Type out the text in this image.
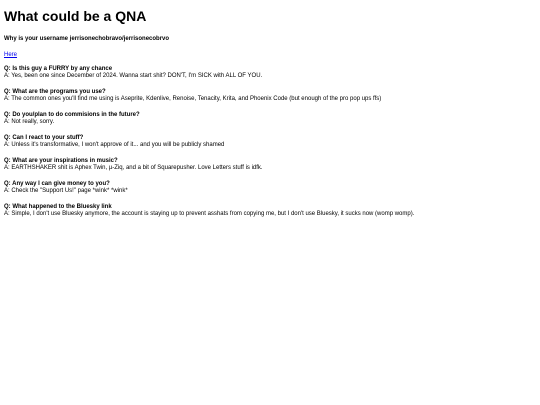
What could be a QNA

Why is your username jerrisonechobravo/jerrisonecobrvo

Here

Q: Is this guy a FURRY by any chance

A: Yes, been one since December of 2024. Wanna start shit? DON'T, I'm SICK with ALL OF YOU.

Q: What are the programs you use?

A: The common ones you'll find me using is Aseprite, Kdenlive, Renoise, Tenacity, Krita, and Phoenix Code (but enough of the pro pop ups ffs)

Q: Do you/plan to do commisions in the future?

A: Not really, sorry.

Q: Can I react to your stuff?

A: Unless it's transformative, I won't approve of it... and you will be publicly shamed

Q: What are your inspirations in music?

A: EARTHSHAKER shit is Aphex Twin, µ-Ziq, and a bit of Squarepusher. Love Letters stuff is idfk.

Q: Any way I can give money to you?

A: Check the "Support Us!" page *wink* *wink*

Q: What happened to the Bluesky link

A: Simple, I don't use Bluesky anymore, the account is staying up to prevent asshats from copying me, but I don't use Bluesky, it sucks now (womp womp).
